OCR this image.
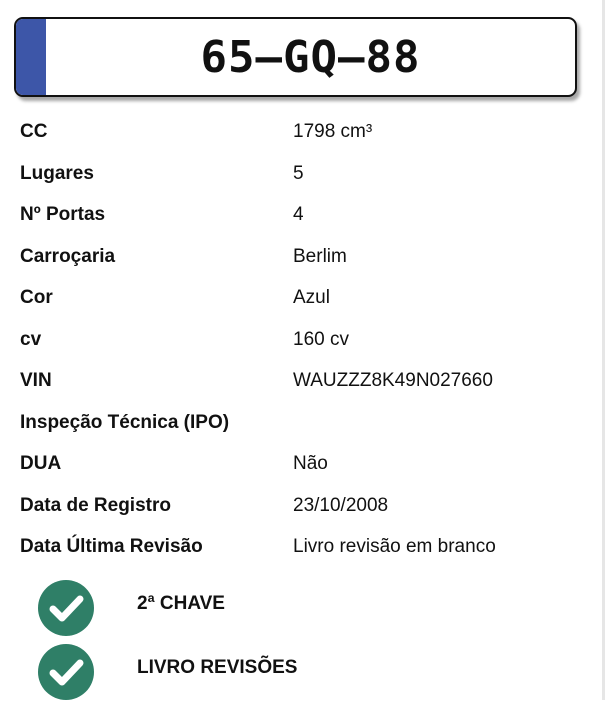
65–GQ–88
CC	1798 cm³
Lugares	5
Nº Portas	4
Carroçaria	Berlim
Cor	Azul
cv	160 cv
VIN	WAUZZZ8K49N027660
Inspeção Técnica (IPO)
DUA	Não
Data de Registro	23/10/2008
Data Última Revisão	Livro revisão em branco
2ª CHAVE
LIVRO REVISÕES
